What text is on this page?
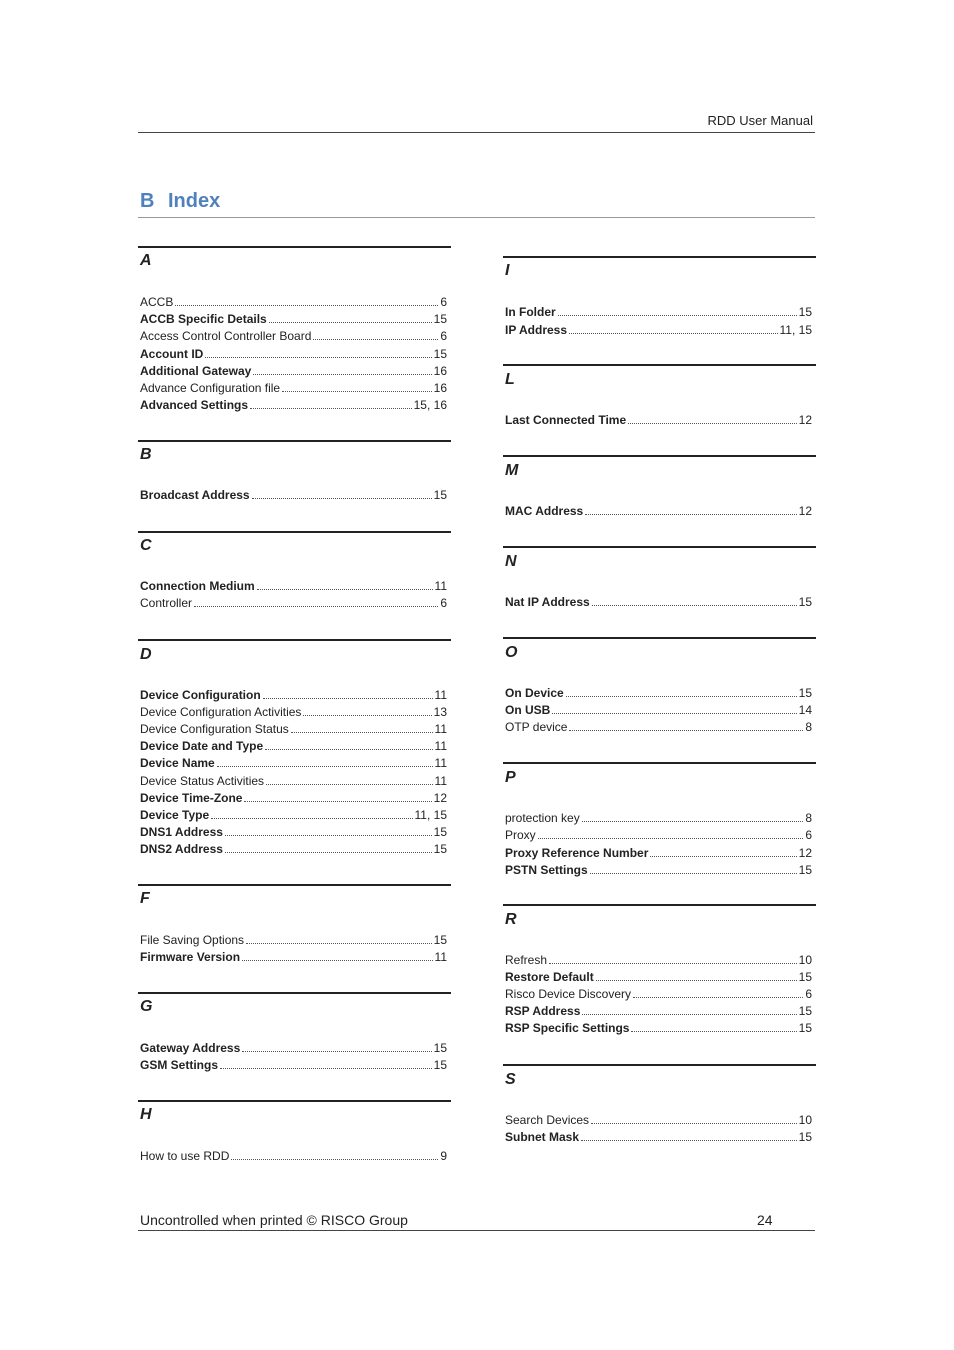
RDD User Manual
B Index
A
ACCB	6
ACCB Specific Details	15
Access Control Controller Board	6
Account ID	15
Additional Gateway	16
Advance Configuration file	16
Advanced Settings	15, 16
B
Broadcast Address	15
C
Connection Medium	11
Controller	6
D
Device Configuration	11
Device Configuration Activities	13
Device Configuration Status	11
Device Date and Type	11
Device Name	11
Device Status Activities	11
Device Time-Zone	12
Device Type	11, 15
DNS1 Address	15
DNS2 Address	15
F
File Saving Options	15
Firmware Version	11
G
Gateway Address	15
GSM Settings	15
H
How to use RDD	9
I
In Folder	15
IP Address	11, 15
L
Last Connected Time	12
M
MAC Address	12
N
Nat IP Address	15
O
On Device	15
On USB	14
OTP device	8
P
protection key	8
Proxy	6
Proxy Reference Number	12
PSTN Settings	15
R
Refresh	10
Restore Default	15
Risco Device Discovery	6
RSP Address	15
RSP Specific Settings	15
S
Search Devices	10
Subnet Mask	15
Uncontrolled when printed © RISCO Group	24
